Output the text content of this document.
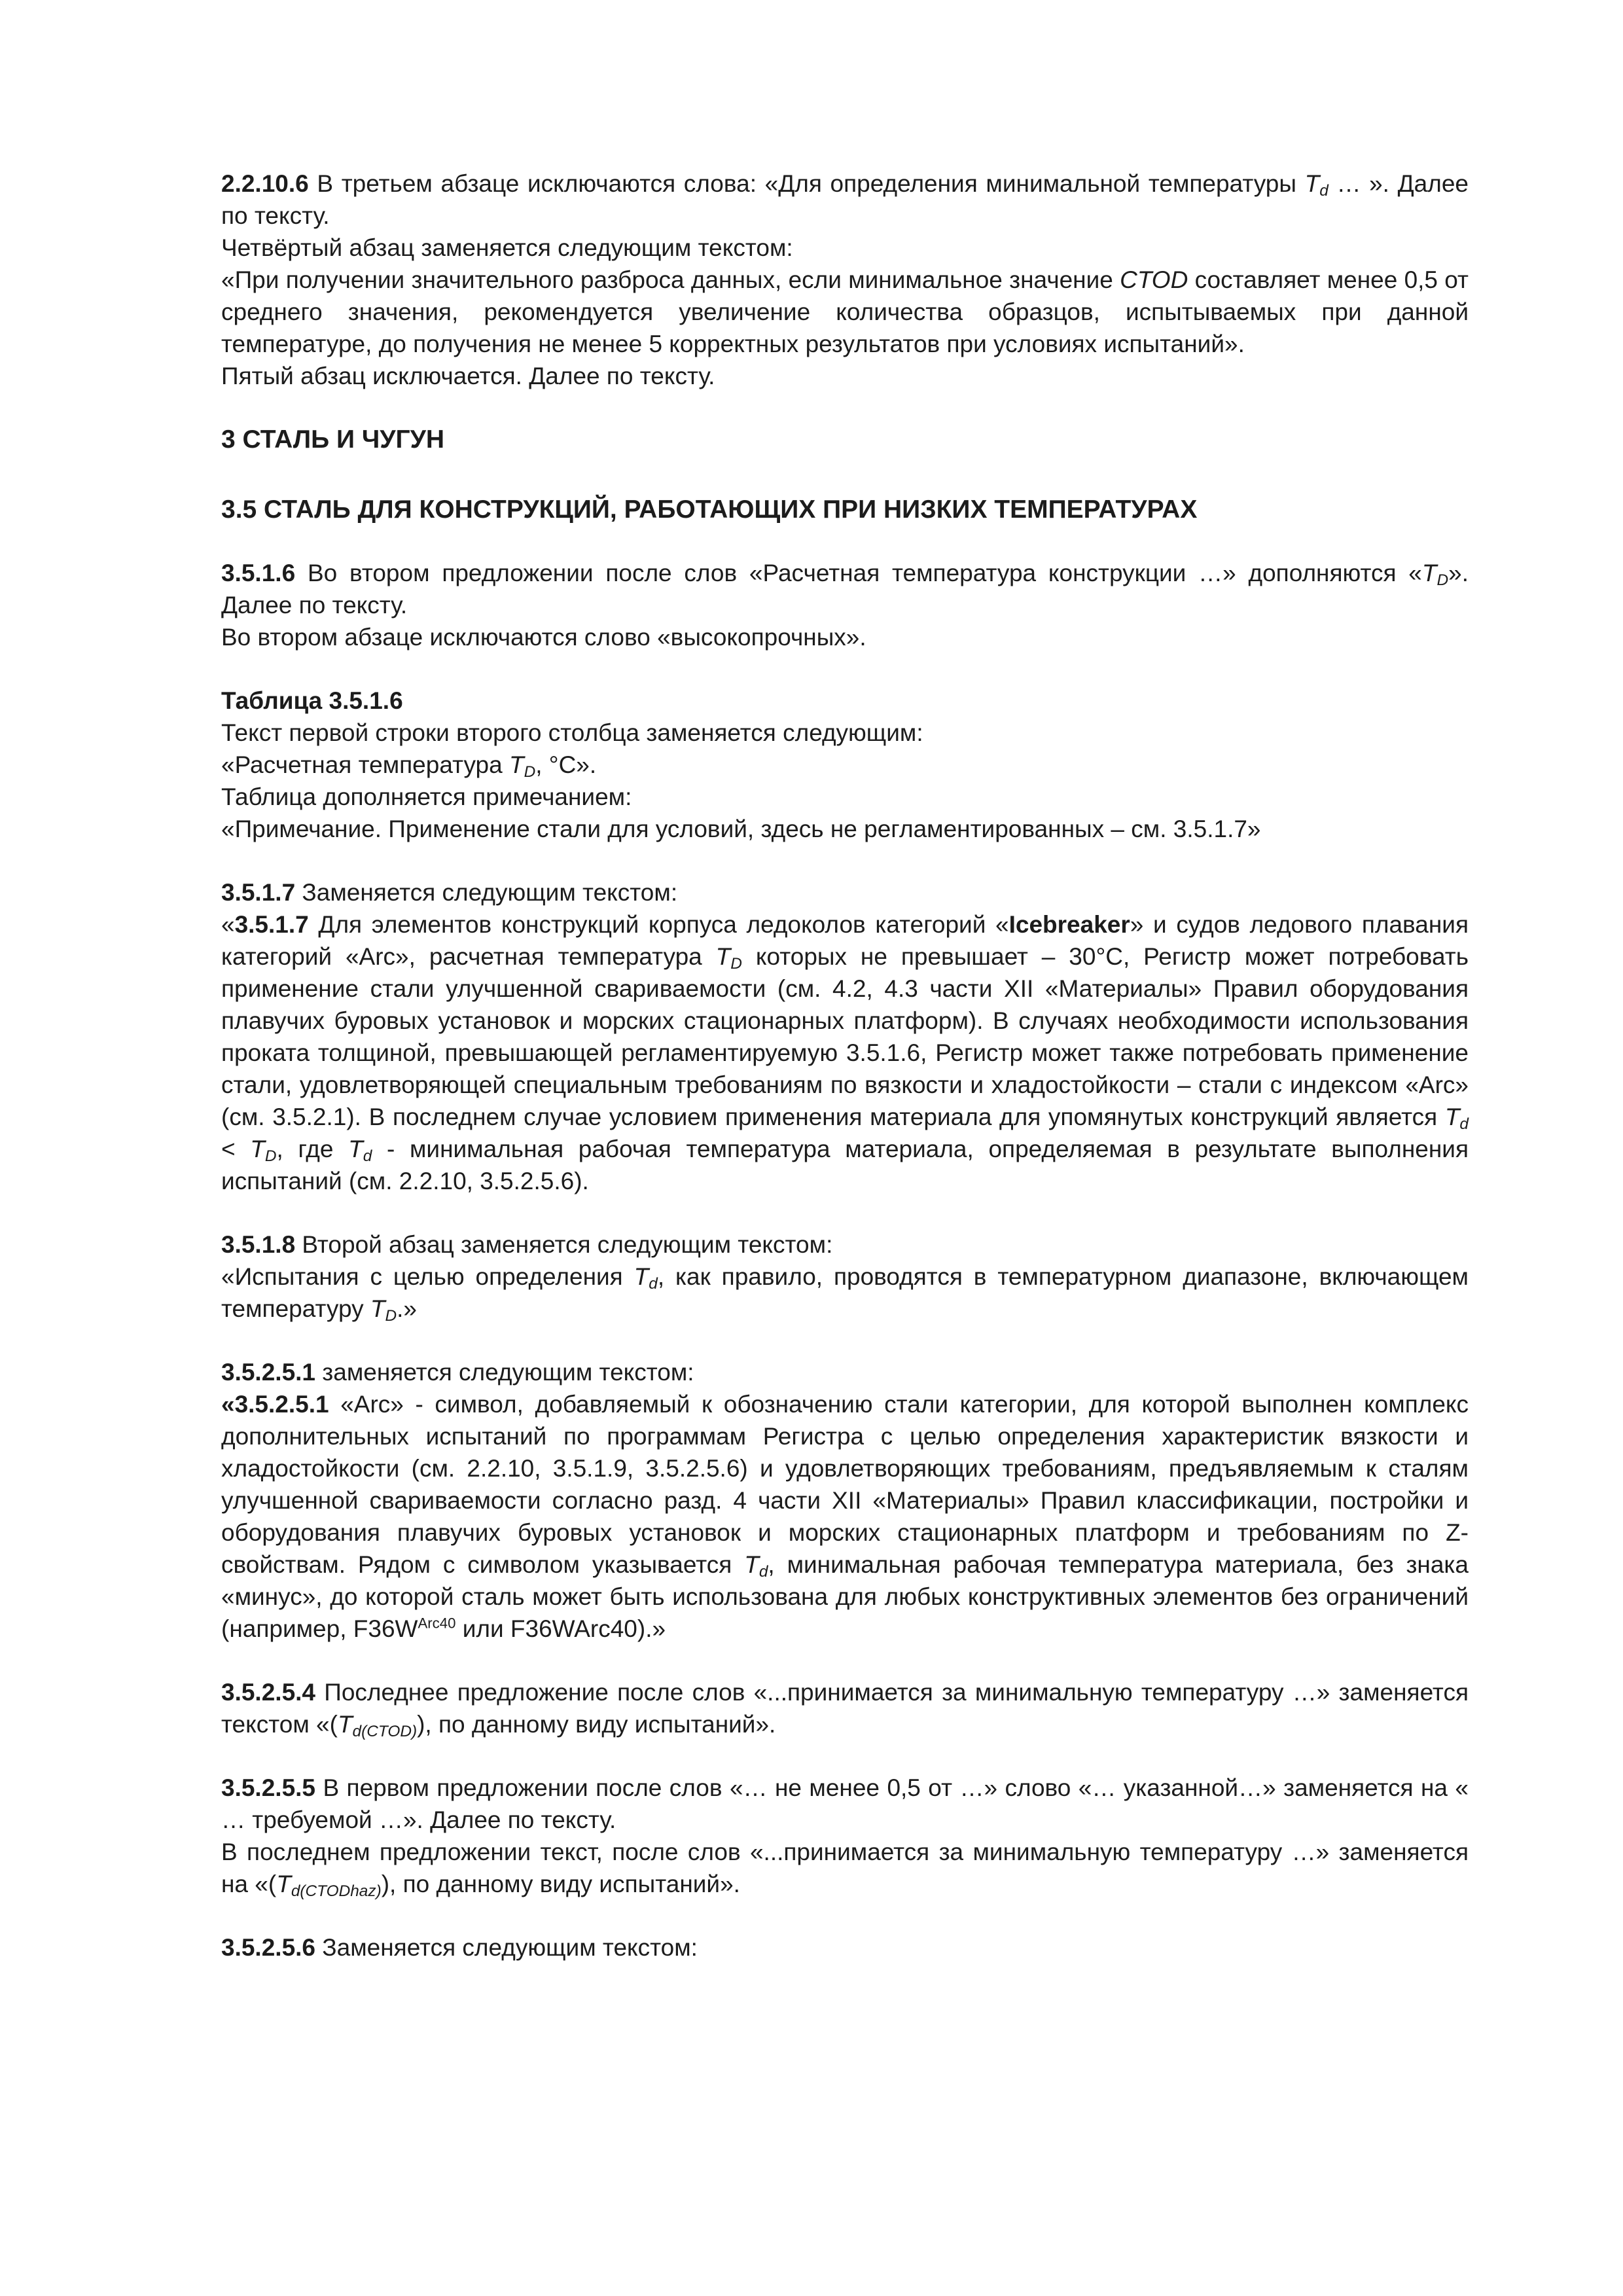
2.2.10.6 В третьем абзаце исключаются слова: «Для определения минимальной температуры $T_d$ … ». Далее по тексту.

Четвёртый абзац заменяется следующим текстом:

«При получении значительного разброса данных, если минимальное значение CTOD составляет менее 0,5 от среднего значения, рекомендуется увеличение количества образцов, испытываемых при данной температуре, до получения не менее 5 корректных результатов при условиях испытаний».

Пятый абзац исключается. Далее по тексту.

3 СТАЛЬ И ЧУГУН

3.5 СТАЛЬ ДЛЯ КОНСТРУКЦИЙ, РАБОТАЮЩИХ ПРИ НИЗКИХ ТЕМПЕРАТУРАХ

3.5.1.6 Во втором предложении после слов «Расчетная температура конструкции …» дополняются «$T_D$». Далее по тексту.

Во втором абзаце исключаются слово «высокопрочных».

Таблица 3.5.1.6

Текст первой строки второго столбца заменяется следующим:

«Расчетная температура $T_D$, °С».

Таблица дополняется примечанием:

«Примечание. Применение стали для условий, здесь не регламентированных – см. 3.5.1.7»

3.5.1.7 Заменяется следующим текстом:

«3.5.1.7 Для элементов конструкций корпуса ледоколов категорий «Icebreaker» и судов ледового плавания категорий «Arc», расчетная температура $T_D$ которых не превышает – 30°С, Регистр может потребовать применение стали улучшенной свариваемости (см. 4.2, 4.3 части XII «Материалы» Правил оборудования плавучих буровых установок и морских стационарных платформ). В случаях необходимости использования проката толщиной, превышающей регламентируемую 3.5.1.6, Регистр может также потребовать применение стали, удовлетворяющей специальным требованиям по вязкости и хладостойкости – стали с индексом «Arc» (см. 3.5.2.1). В последнем случае условием применения материала для упомянутых конструкций является $T_d < T_D$, где $T_d$ - минимальная рабочая температура материала, определяемая в результате выполнения испытаний (см. 2.2.10, 3.5.2.5.6).

3.5.1.8 Второй абзац заменяется следующим текстом:

«Испытания с целью определения $T_d$, как правило, проводятся в температурном диапазоне, включающем температуру $T_D$.»

3.5.2.5.1 заменяется следующим текстом:

«3.5.2.5.1 «Arc» - символ, добавляемый к обозначению стали категории, для которой выполнен комплекс дополнительных испытаний по программам Регистра с целью определения характеристик вязкости и хладостойкости (см. 2.2.10, 3.5.1.9, 3.5.2.5.6) и удовлетворяющих требованиям, предъявляемым к сталям улучшенной свариваемости согласно разд. 4 части XII «Материалы» Правил классификации, постройки и оборудования плавучих буровых установок и морских стационарных платформ и требованиям по Z-свойствам. Рядом с символом указывается $T_d$, минимальная рабочая температура материала, без знака «минус», до которой сталь может быть использована для любых конструктивных элементов без ограничений (например, $F36W^{Arc40}$ или F36WArc40).»

3.5.2.5.4 Последнее предложение после слов «...принимается за минимальную температуру …» заменяется текстом «$(T_{d(CTOD)})$, по данному виду испытаний».

3.5.2.5.5 В первом предложении после слов «… не менее 0,5 от …» слово «… указанной…» заменяется на « … требуемой …». Далее по тексту.

В последнем предложении текст, после слов «...принимается за минимальную температуру …» заменяется на «$(T_{d(CTODhaz)})$, по данному виду испытаний».

3.5.2.5.6 Заменяется следующим текстом:
